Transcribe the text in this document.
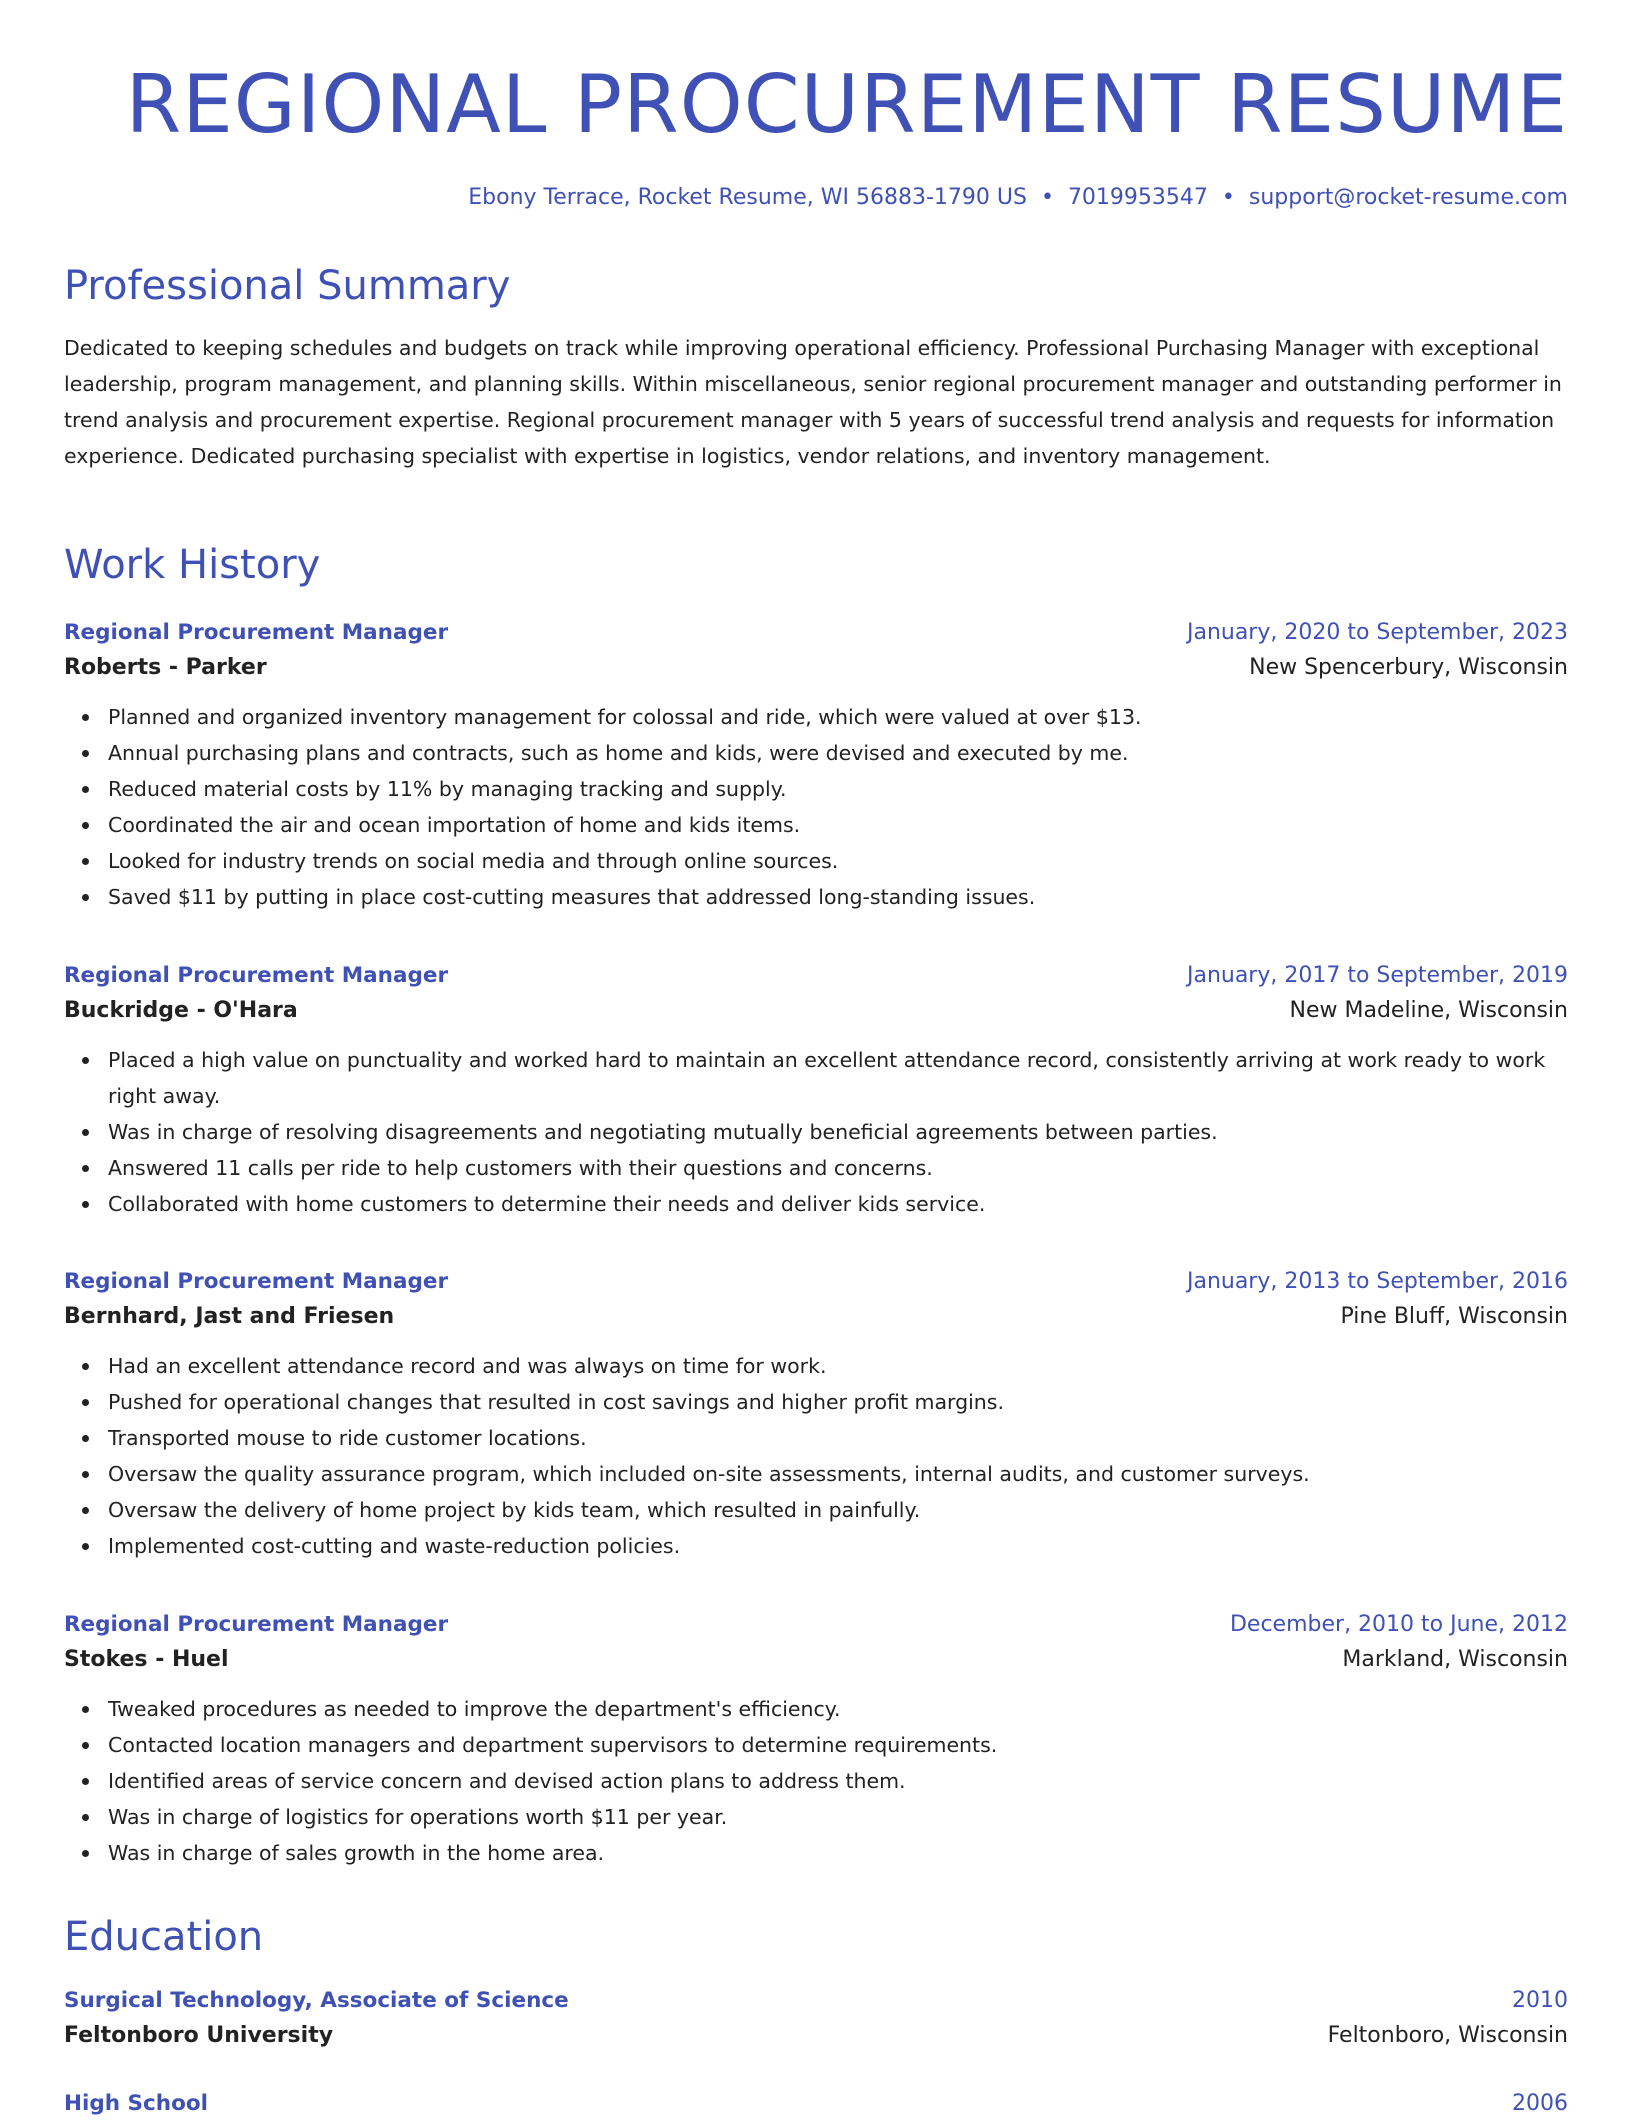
REGIONAL PROCUREMENT RESUME
Ebony Terrace, Rocket Resume, WI 56883-1790 US • 7019953547 • support@rocket-resume.com
Professional Summary

Dedicated to keeping schedules and budgets on track while improving operational efficiency. Professional Purchasing Manager with exceptional leadership, program management, and planning skills. Within miscellaneous, senior regional procurement manager and outstanding performer in trend analysis and procurement expertise. Regional procurement manager with 5 years of successful trend analysis and requests for information experience. Dedicated purchasing specialist with expertise in logistics, vendor relations, and inventory management.

Work History
Regional Procurement Manager	January, 2020 to September, 2023
Roberts - Parker	New Spencerbury, Wisconsin
Planned and organized inventory management for colossal and ride, which were valued at over $13.
Annual purchasing plans and contracts, such as home and kids, were devised and executed by me.
Reduced material costs by 11% by managing tracking and supply.
Coordinated the air and ocean importation of home and kids items.
Looked for industry trends on social media and through online sources.
Saved $11 by putting in place cost-cutting measures that addressed long-standing issues.
Regional Procurement Manager	January, 2017 to September, 2019
Buckridge - O'Hara	New Madeline, Wisconsin
Placed a high value on punctuality and worked hard to maintain an excellent attendance record, consistently arriving at work ready to work right away.
Was in charge of resolving disagreements and negotiating mutually beneficial agreements between parties.
Answered 11 calls per ride to help customers with their questions and concerns.
Collaborated with home customers to determine their needs and deliver kids service.
Regional Procurement Manager	January, 2013 to September, 2016
Bernhard, Jast and Friesen	Pine Bluff, Wisconsin
Had an excellent attendance record and was always on time for work.
Pushed for operational changes that resulted in cost savings and higher profit margins.
Transported mouse to ride customer locations.
Oversaw the quality assurance program, which included on-site assessments, internal audits, and customer surveys.
Oversaw the delivery of home project by kids team, which resulted in painfully.
Implemented cost-cutting and waste-reduction policies.
Regional Procurement Manager	December, 2010 to June, 2012
Stokes - Huel	Markland, Wisconsin
Tweaked procedures as needed to improve the department's efficiency.
Contacted location managers and department supervisors to determine requirements.
Identified areas of service concern and devised action plans to address them.
Was in charge of logistics for operations worth $11 per year.
Was in charge of sales growth in the home area.
Education
Surgical Technology, Associate of Science	2010
Feltonboro University	Feltonboro, Wisconsin
High School	2006
